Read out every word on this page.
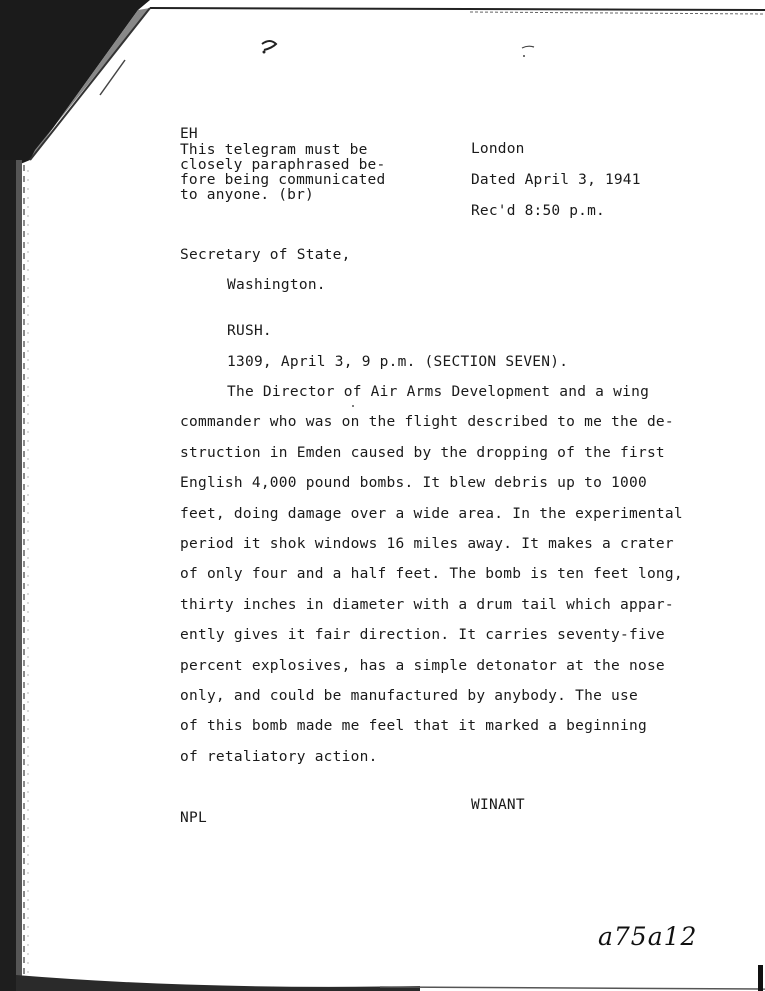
EH
This telegram must be
closely paraphrased be-
fore being communicated
to anyone. (br)
London
Dated April 3, 1941
Rec'd 8:50 p.m.
Secretary of State,
Washington.
RUSH.
1309, April 3, 9 p.m. (SECTION SEVEN).
The Director of Air Arms Development and a wing
commander who was on the flight described to me the de-
struction in Emden caused by the dropping of the first
English 4,000 pound bombs. It blew debris up to 1000
feet, doing damage over a wide area. In the experimental
period it shok windows 16 miles away. It makes a crater
of only four and a half feet. The bomb is ten feet long,
thirty inches in diameter with a drum tail which appar-
ently gives it fair direction. It carries seventy-five
percent explosives, has a simple detonator at the nose
only, and could be manufactured by anybody. The use
of this bomb made me feel that it marked a beginning
of retaliatory action.
WINANT
NPL
a75a12
